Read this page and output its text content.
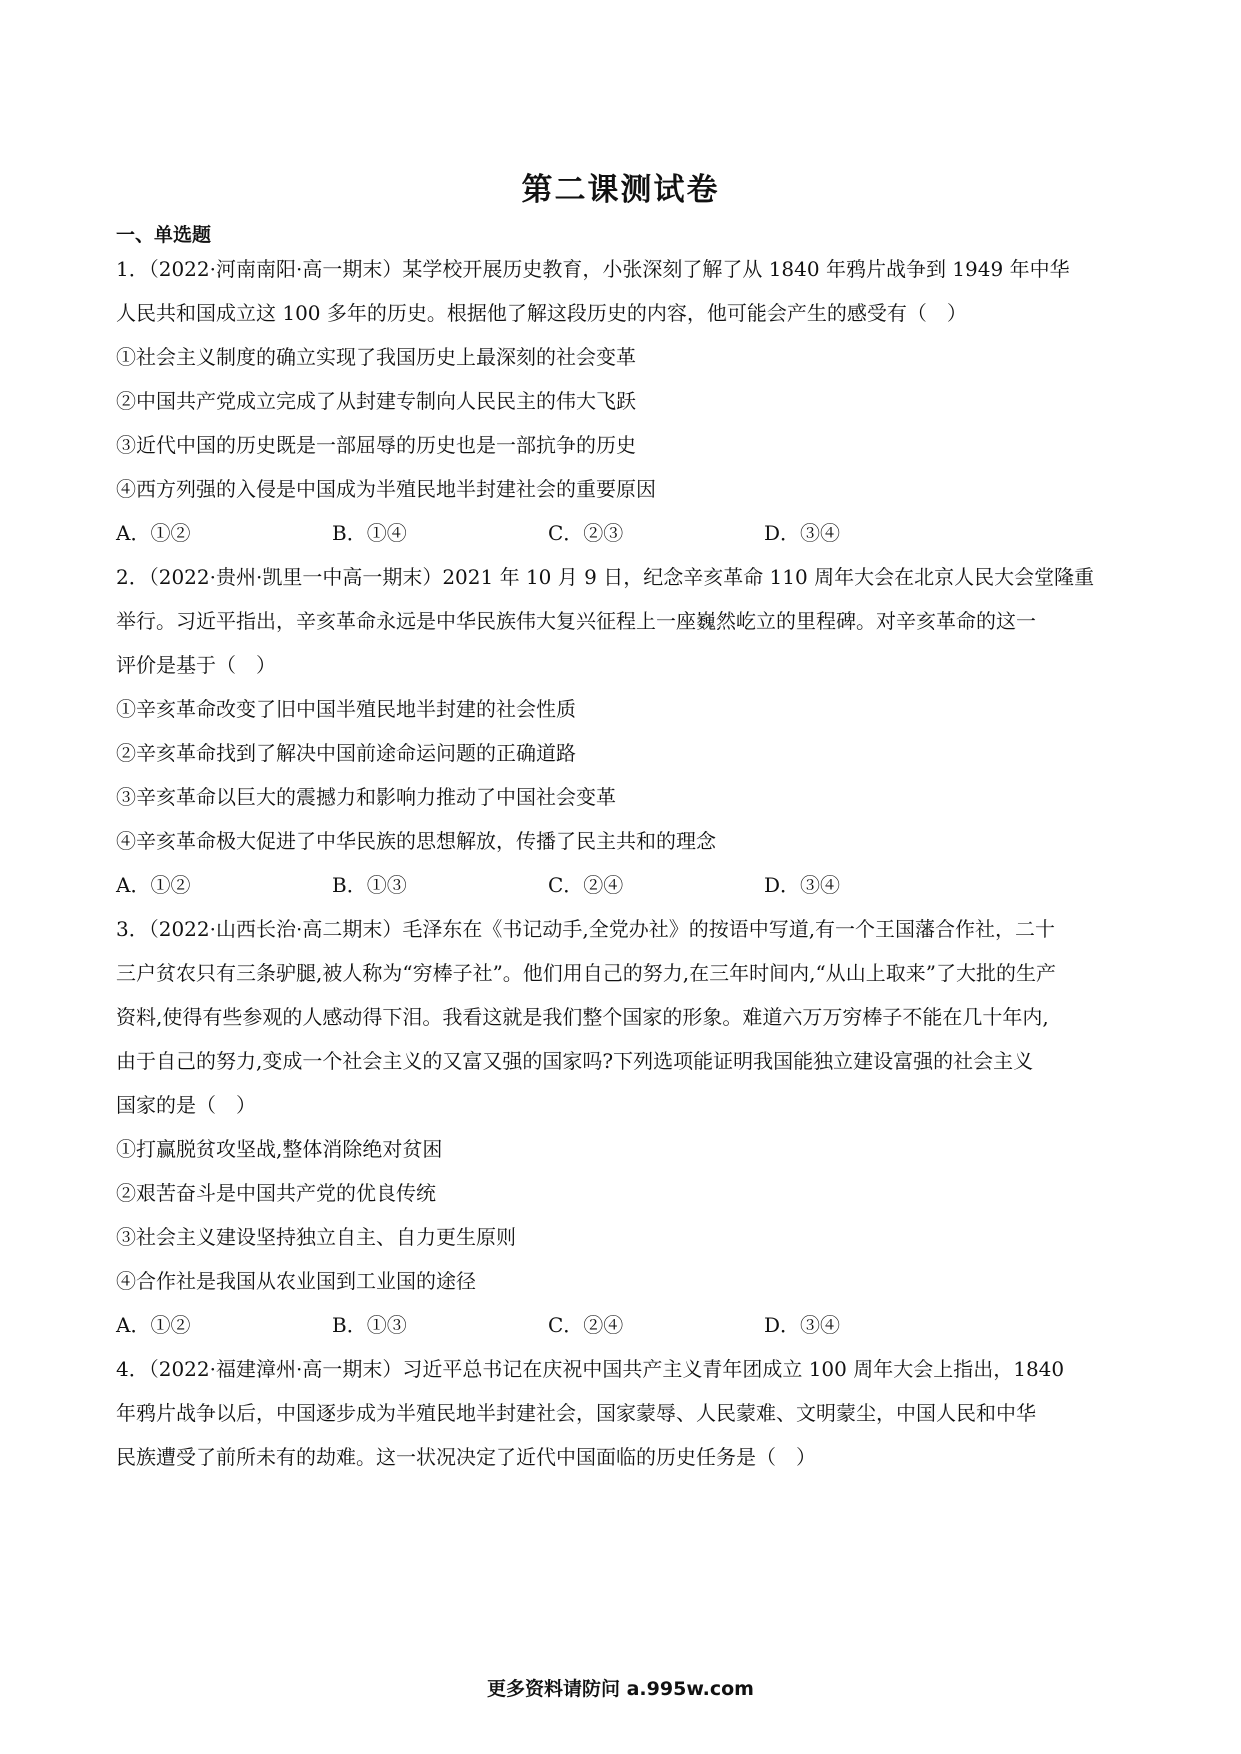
第二课测试卷
一、单选题
1．（2022·河南南阳·高一期末）某学校开展历史教育，小张深刻了解了从 1840 年鸦片战争到 1949 年中华
人民共和国成立这 100 多年的历史。根据他了解这段历史的内容，他可能会产生的感受有（　）
①社会主义制度的确立实现了我国历史上最深刻的社会变革
②中国共产党成立完成了从封建专制向人民民主的伟大飞跃
③近代中国的历史既是一部屈辱的历史也是一部抗争的历史
④西方列强的入侵是中国成为半殖民地半封建社会的重要原因
A．①②	B．①④	C．②③	D．③④
2．（2022·贵州·凯里一中高一期末）2021 年 10 月 9 日，纪念辛亥革命 110 周年大会在北京人民大会堂隆重
举行。习近平指出，辛亥革命永远是中华民族伟大复兴征程上一座巍然屹立的里程碑。对辛亥革命的这一
评价是基于（　）
①辛亥革命改变了旧中国半殖民地半封建的社会性质
②辛亥革命找到了解决中国前途命运问题的正确道路
③辛亥革命以巨大的震撼力和影响力推动了中国社会变革
④辛亥革命极大促进了中华民族的思想解放，传播了民主共和的理念
A．①②	B．①③	C．②④	D．③④
3．（2022·山西长治·高二期末）毛泽东在《书记动手,全党办社》的按语中写道,有一个王国藩合作社，二十
三户贫农只有三条驴腿,被人称为“穷棒子社”。他们用自己的努力,在三年时间内,“从山上取来”了大批的生产
资料,使得有些参观的人感动得下泪。我看这就是我们整个国家的形象。难道六万万穷棒子不能在几十年内,
由于自己的努力,变成一个社会主义的又富又强的国家吗?下列选项能证明我国能独立建设富强的社会主义
国家的是（　）
①打赢脱贫攻坚战,整体消除绝对贫困
②艰苦奋斗是中国共产党的优良传统
③社会主义建设坚持独立自主、自力更生原则
④合作社是我国从农业国到工业国的途径
A．①②	B．①③	C．②④	D．③④
4．（2022·福建漳州·高一期末）习近平总书记在庆祝中国共产主义青年团成立 100 周年大会上指出，1840
年鸦片战争以后，中国逐步成为半殖民地半封建社会，国家蒙辱、人民蒙难、文明蒙尘，中国人民和中华
民族遭受了前所未有的劫难。这一状况决定了近代中国面临的历史任务是（　）
更多资料请防问 a.995w.com
